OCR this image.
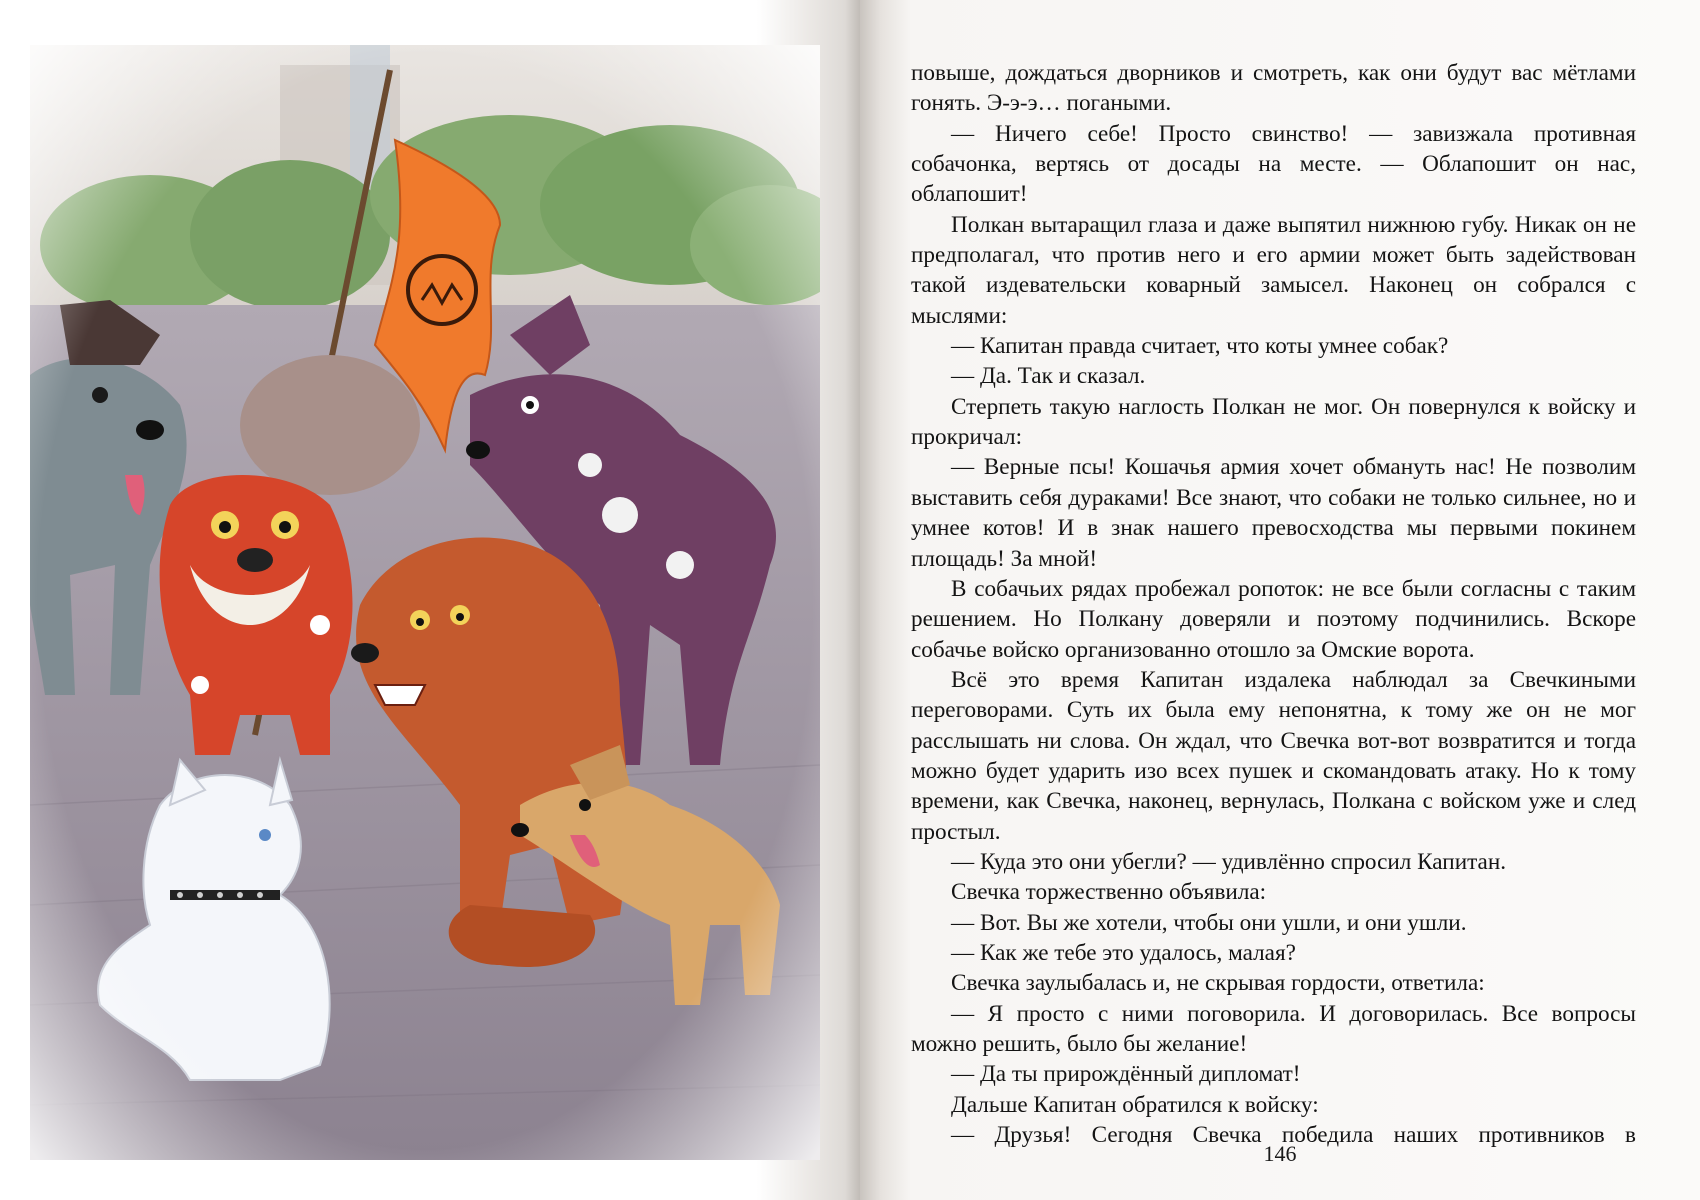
повыше, дождаться дворников и смотреть, как они будут вас мётлами гонять. Э-э-э… погаными.

— Ничего себе! Просто свинство! — завизжала противная собачонка, вертясь от досады на месте. — Облапошит он нас, облапошит!

Полкан вытаращил глаза и даже выпятил нижнюю губу. Никак он не предполагал, что против него и его армии может быть задействован такой издевательски коварный замысел. Наконец он собрался с мыслями:

— Капитан правда считает, что коты умнее собак?

— Да. Так и сказал.

Стерпеть такую наглость Полкан не мог. Он повернулся к войску и прокричал:

— Верные псы! Кошачья армия хочет обмануть нас! Не позволим выставить себя дураками! Все знают, что собаки не только сильнее, но и умнее котов! И в знак нашего превосходства мы первыми покинем площадь! За мной!

В собачьих рядах пробежал ропоток: не все были согласны с таким решением. Но Полкану доверяли и поэтому подчинились. Вскоре собачье войско организованно отошло за Омские ворота.

Всё это время Капитан издалека наблюдал за Свечкиными переговорами. Суть их была ему непонятна, к тому же он не мог расслышать ни слова. Он ждал, что Свечка вот-вот возвратится и тогда можно будет ударить изо всех пушек и скомандовать атаку. Но к тому времени, как Свечка, наконец, вернулась, Полкана с войском уже и след простыл.

— Куда это они убегли? — удивлённо спросил Капитан.

Свечка торжественно объявила:

— Вот. Вы же хотели, чтобы они ушли, и они ушли.

— Как же тебе это удалось, малая?

Свечка заулыбалась и, не скрывая гордости, ответила:

— Я просто с ними поговорила. И договорилась. Все вопросы можно решить, было бы желание!

— Да ты прирождённый дипломат!

Дальше Капитан обратился к войску:

— Друзья! Сегодня Свечка победила наших противников в

146
